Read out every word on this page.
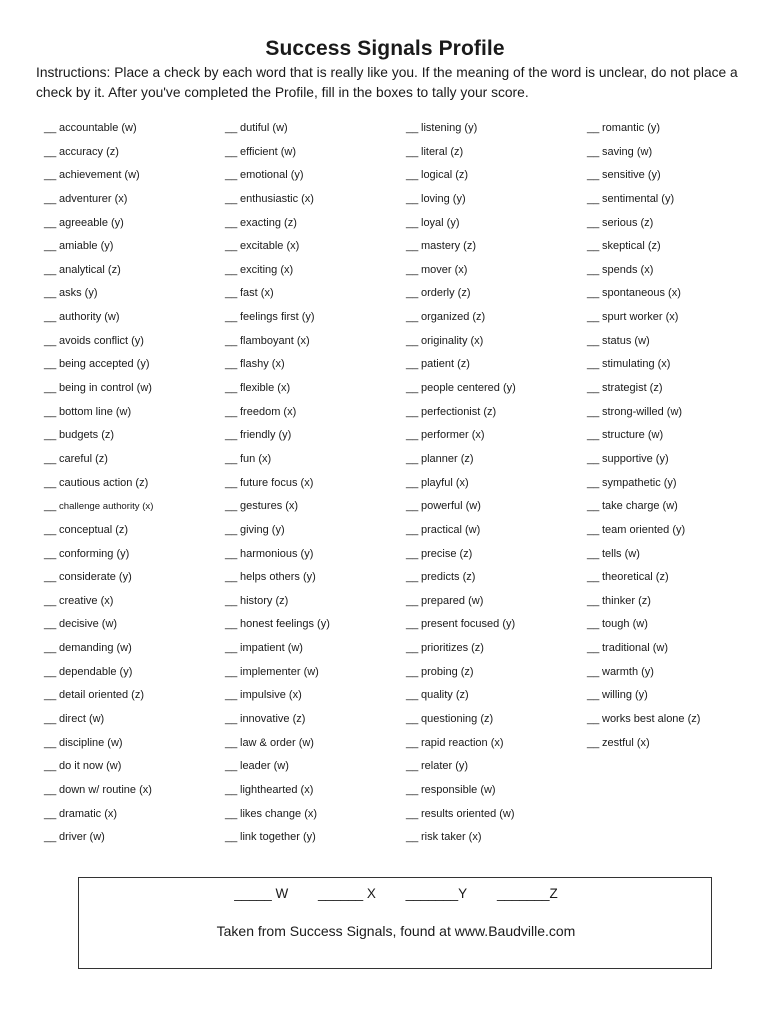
Success Signals Profile
Instructions: Place a check by each word that is really like you. If the meaning of the word is unclear, do not place a check by it. After you've completed the Profile, fill in the boxes to tally your score.
__accountable (w)
__accuracy (z)
__achievement (w)
__adventurer (x)
__agreeable (y)
__amiable (y)
__analytical (z)
__asks (y)
__authority (w)
__avoids conflict (y)
__being accepted (y)
__being in control (w)
__bottom line (w)
__budgets (z)
__careful (z)
__cautious action (z)
__challenge authority (x)
__conceptual (z)
__conforming (y)
__considerate (y)
__creative (x)
__decisive (w)
__demanding (w)
__dependable (y)
__detail oriented (z)
__direct (w)
__discipline (w)
__do it now (w)
__down w/ routine (x)
__dramatic (x)
__driver (w)
__dutiful (w)
__efficient (w)
__emotional (y)
__enthusiastic (x)
__exacting (z)
__excitable (x)
__exciting (x)
__fast (x)
__feelings first (y)
__flamboyant (x)
__flashy (x)
__flexible (x)
__freedom (x)
__friendly (y)
__fun (x)
__future focus (x)
__gestures (x)
__giving (y)
__harmonious (y)
__helps others (y)
__history (z)
__honest feelings (y)
__impatient (w)
__implementer (w)
__impulsive (x)
__innovative (z)
__law & order (w)
__leader (w)
__lighthearted (x)
__likes change (x)
__link together (y)
__listening (y)
__literal (z)
__logical (z)
__loving (y)
__loyal (y)
__mastery (z)
__mover (x)
__orderly (z)
__organized (z)
__originality (x)
__patient (z)
__people centered (y)
__perfectionist (z)
__performer (x)
__planner (z)
__playful (x)
__powerful (w)
__practical (w)
__precise (z)
__predicts (z)
__prepared (w)
__present focused (y)
__prioritizes (z)
__probing (z)
__quality (z)
__questioning (z)
__rapid reaction (x)
__relater (y)
__responsible (w)
__results oriented (w)
__risk taker (x)
__romantic (y)
__saving (w)
__sensitive (y)
__sentimental (y)
__serious (z)
__skeptical (z)
__spends (x)
__spontaneous (x)
__spurt worker (x)
__status (w)
__stimulating (x)
__strategist (z)
__strong-willed (w)
__structure (w)
__supportive (y)
__sympathetic (y)
__take charge (w)
__team oriented (y)
__tells (w)
__theoretical (z)
__thinker (z)
__tough (w)
__traditional (w)
__warmth (y)
__willing (y)
__works best alone (z)
__zestful (x)
_____ W ______ X _______Y _______Z
Taken from Success Signals, found at www.Baudville.com
